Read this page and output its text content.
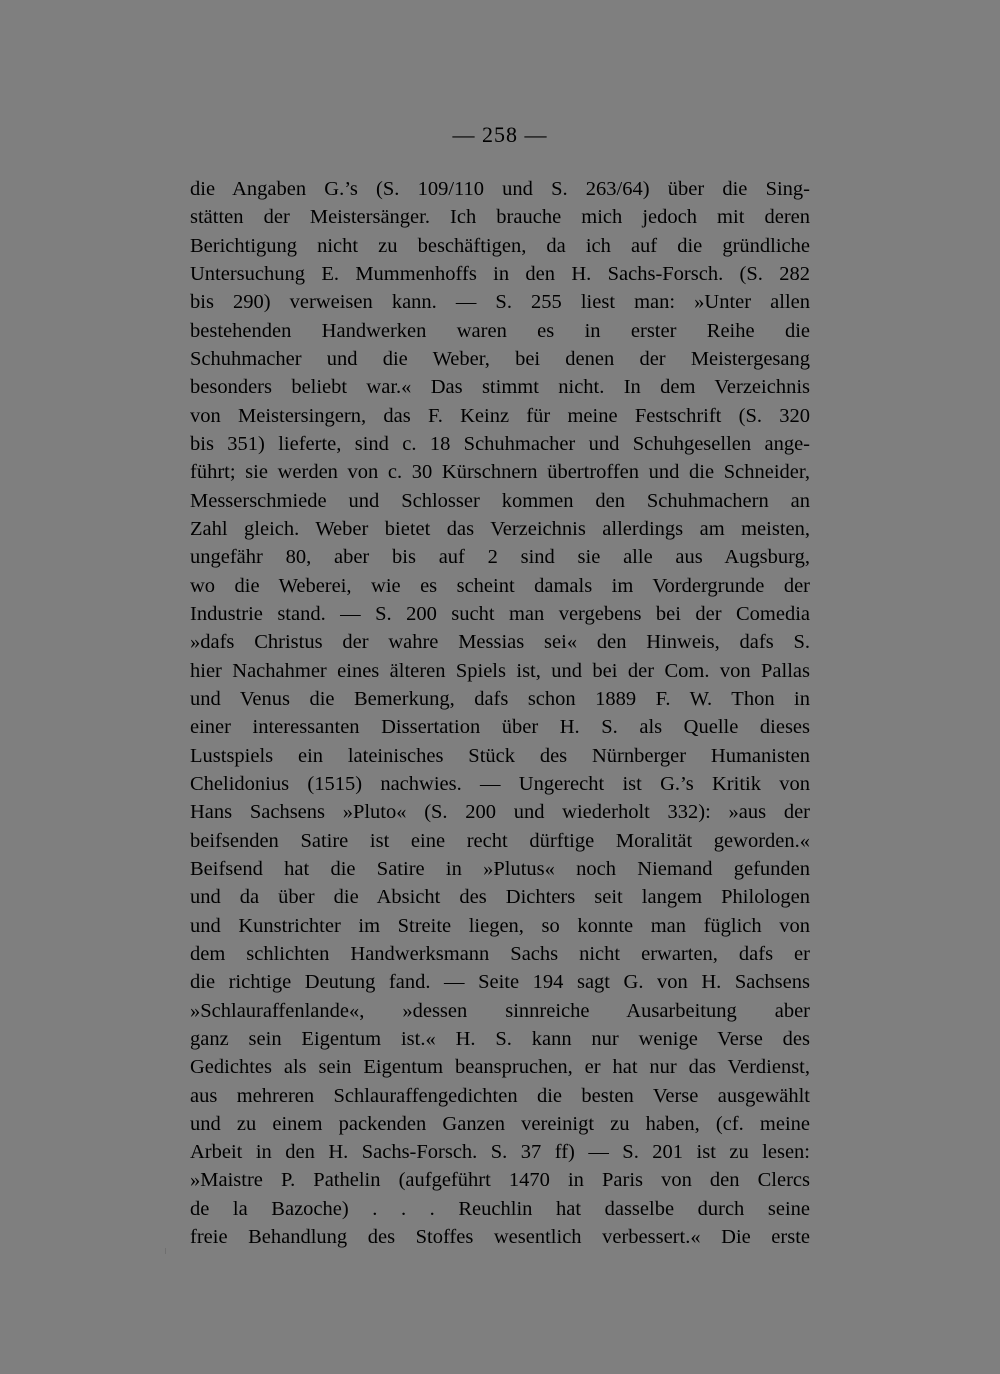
— 258 —
die Angaben G.’s (S. 109/110 und S. 263/64) über die Sing-
stätten der Meistersänger. Ich brauche mich jedoch mit deren
Berichtigung nicht zu beschäftigen, da ich auf die gründliche
Untersuchung E. Mummenhoffs in den H. Sachs-Forsch. (S. 282
bis 290) verweisen kann. — S. 255 liest man: »Unter allen
bestehenden Handwerken waren es in erster Reihe die
Schuhmacher und die Weber, bei denen der Meistergesang
besonders beliebt war.« Das stimmt nicht. In dem Verzeichnis
von Meistersingern, das F. Keinz für meine Festschrift (S. 320
bis 351) lieferte, sind c. 18 Schuhmacher und Schuhgesellen ange-
führt; sie werden von c. 30 Kürschnern übertroffen und die Schneider,
Messerschmiede und Schlosser kommen den Schuhmachern an
Zahl gleich. Weber bietet das Verzeichnis allerdings am meisten,
ungefähr 80, aber bis auf 2 sind sie alle aus Augsburg,
wo die Weberei, wie es scheint damals im Vordergrunde der
Industrie stand. — S. 200 sucht man vergebens bei der Comedia
»dafs Christus der wahre Messias sei« den Hinweis, dafs S.
hier Nachahmer eines älteren Spiels ist, und bei der Com. von Pallas
und Venus die Bemerkung, dafs schon 1889 F. W. Thon in
einer interessanten Dissertation über H. S. als Quelle dieses
Lustspiels ein lateinisches Stück des Nürnberger Humanisten
Chelidonius (1515) nachwies. — Ungerecht ist G.’s Kritik von
Hans Sachsens »Pluto« (S. 200 und wiederholt 332): »aus der
beifsenden Satire ist eine recht dürftige Moralität geworden.«
Beifsend hat die Satire in »Plutus« noch Niemand gefunden
und da über die Absicht des Dichters seit langem Philologen
und Kunstrichter im Streite liegen, so konnte man füglich von
dem schlichten Handwerksmann Sachs nicht erwarten, dafs er
die richtige Deutung fand. — Seite 194 sagt G. von H. Sachsens
»Schlauraffenlande«, »dessen sinnreiche Ausarbeitung aber
ganz sein Eigentum ist.« H. S. kann nur wenige Verse des
Gedichtes als sein Eigentum beanspruchen, er hat nur das Verdienst,
aus mehreren Schlauraffengedichten die besten Verse ausgewählt
und zu einem packenden Ganzen vereinigt zu haben, (cf. meine
Arbeit in den H. Sachs-Forsch. S. 37 ff) — S. 201 ist zu lesen:
»Maistre P. Pathelin (aufgeführt 1470 in Paris von den Clercs
de la Bazoche) . . . Reuchlin hat dasselbe durch seine
freie Behandlung des Stoffes wesentlich verbessert.« Die erste
